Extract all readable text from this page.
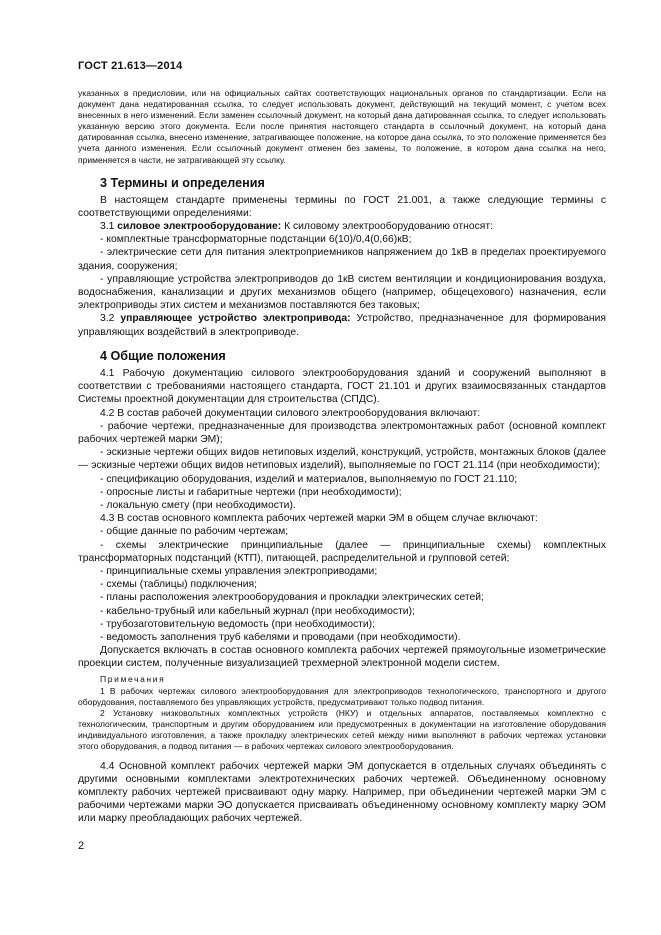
ГОСТ 21.613—2014

указанных в предисловии, или на официальных сайтах соответствующих национальных органов по стандартизации. Если на документ дана недатированная ссылка, то следует использовать документ, действующий на текущий момент, с учетом всех внесенных в него изменений. Если заменен ссылочный документ, на который дана датированная ссылка, то следует использовать указанную версию этого документа. Если после принятия настоящего стандарта в ссылочный документ, на который дана датированная ссылка, внесено изменение, затрагивающее положение, на которое дана ссылка, то это положение применяется без учета данного изменения. Если ссылочный документ отменен без замены, то положение, в котором дана ссылка на него, применяется в части, не затрагивающей эту ссылку.

3 Термины и определения

В настоящем стандарте применены термины по ГОСТ 21.001, а также следующие термины с соответствующими определениями:

3.1 силовое электрооборудование: К силовому электрооборудованию относят:

- комплектные трансформаторные подстанции 6(10)/0,4(0,66)кВ;

- электрические сети для питания электроприемников напряжением до 1кВ в пределах проектируемого здания, сооружения;

- управляющие устройства электроприводов до 1кВ систем вентиляции и кондиционирования воздуха, водоснабжения, канализации и других механизмов общего (например, общецехового) назначения, если электроприводы этих систем и механизмов поставляются без таковых;

3.2 управляющее устройство электропривода: Устройство, предназначенное для формирования управляющих воздействий в электроприводе.

4 Общие положения

4.1 Рабочую документацию силового электрооборудования зданий и сооружений выполняют в соответствии с требованиями настоящего стандарта, ГОСТ 21.101 и других взаимосвязанных стандартов Системы проектной документации для строительства (СПДС).

4.2 В состав рабочей документации силового электрооборудования включают:

- рабочие чертежи, предназначенные для производства электромонтажных работ (основной комплект рабочих чертежей марки ЭМ);

- эскизные чертежи общих видов нетиповых изделий, конструкций, устройств, монтажных блоков (далее — эскизные чертежи общих видов нетиповых изделий), выполняемые по ГОСТ 21.114 (при необходимости);

- спецификацию оборудования, изделий и материалов, выполняемую по ГОСТ 21.110;

- опросные листы и габаритные чертежи (при необходимости);

- локальную смету (при необходимости).

4.3 В состав основного комплекта рабочих чертежей марки ЭМ в общем случае включают:

- общие данные по рабочим чертежам;

- схемы электрические принципиальные (далее — принципиальные схемы) комплектных трансформаторных подстанций (КТП), питающей, распределительной и групповой сетей;

- принципиальные схемы управления электроприводами;

- схемы (таблицы) подключения;

- планы расположения электрооборудования и прокладки электрических сетей;

- кабельно-трубный или кабельный журнал (при необходимости);

- трубозаготовительную ведомость (при необходимости);

- ведомость заполнения труб кабелями и проводами (при необходимости).

Допускается включать в состав основного комплекта рабочих чертежей прямоугольные изометрические проекции систем, полученные визуализацией трехмерной электронной модели систем.

Примечания

1 В рабочих чертежах силового электрооборудования для электроприводов технологического, транспортного и другого оборудования, поставляемого без управляющих устройств, предусматривают только подвод питания.

2 Установку низковольтных комплектных устройств (НКУ) и отдельных аппаратов, поставляемых комплектно с технологическим, транспортным и другим оборудованием или предусмотренных в документации на изготовление оборудования индивидуального изготовления, а также прокладку электрических сетей между ними выполняют в рабочих чертежах установки этого оборудования, а подвод питания — в рабочих чертежах силового электрооборудования.

4.4 Основной комплект рабочих чертежей марки ЭМ допускается в отдельных случаях объединять с другими основными комплектами электротехнических рабочих чертежей. Объединенному основному комплекту рабочих чертежей присваивают одну марку. Например, при объединении чертежей марки ЭМ с рабочими чертежами марки ЭО допускается присваивать объединенному основному комплекту марку ЭОМ или марку преобладающих рабочих чертежей.

2
